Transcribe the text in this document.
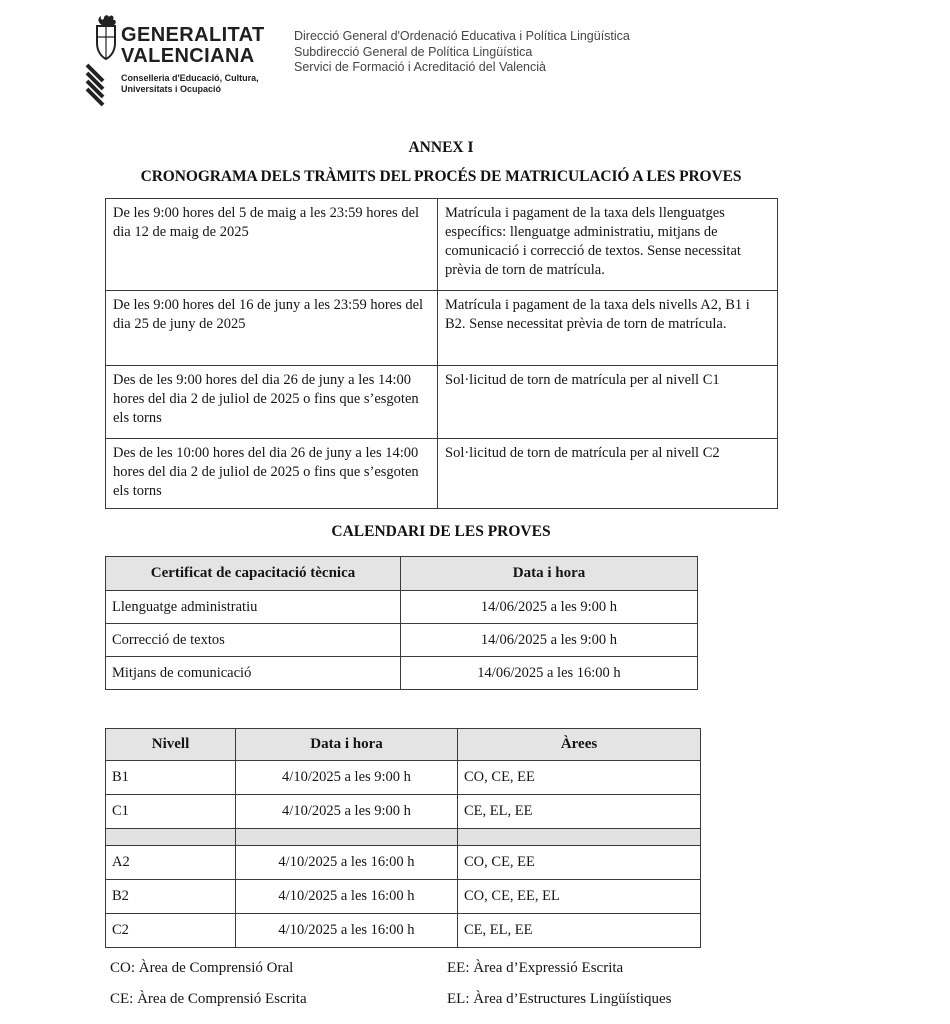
GENERALITAT
VALENCIANA
Conselleria d'Educació, Cultura,
Universitats i Ocupació
Direcció General d'Ordenació Educativa i Política Lingüística
Subdirecció General de Política Lingüística
Servici de Formació i Acreditació del Valencià
ANNEX I
CRONOGRAMA DELS TRÀMITS DEL PROCÉS DE MATRICULACIÓ A LES PROVES
De les 9:00 hores del 5 de maig a les 23:59 hores del dia 12 de maig de 2025	Matrícula i pagament de la taxa dels llenguatges específics: llenguatge administratiu, mitjans de comunicació i correcció de textos. Sense necessitat prèvia de torn de matrícula.
De les 9:00 hores del 16 de juny a les 23:59 hores del dia 25 de juny de 2025	Matrícula i pagament de la taxa dels nivells A2, B1 i B2. Sense necessitat prèvia de torn de matrícula.
Des de les 9:00 hores del dia 26 de juny a les 14:00 hores del dia 2 de juliol de 2025 o fins que s’esgoten els torns	Sol·licitud de torn de matrícula per al nivell C1
Des de les 10:00 hores del dia 26 de juny a les 14:00 hores del dia 2 de juliol de 2025 o fins que s’esgoten els torns	Sol·licitud de torn de matrícula per al nivell C2
CALENDARI DE LES PROVES
Certificat de capacitació tècnica	Data i hora
Llenguatge administratiu	14/06/2025 a les 9:00 h
Correcció de textos	14/06/2025 a les 9:00 h
Mitjans de comunicació	14/06/2025 a les 16:00 h
Nivell	Data i hora	Àrees
B1	4/10/2025 a les 9:00 h	CO, CE, EE
C1	4/10/2025 a les 9:00 h	CE, EL, EE

A2	4/10/2025 a les 16:00 h	CO, CE, EE
B2	4/10/2025 a les 16:00 h	CO, CE, EE, EL
C2	4/10/2025 a les 16:00 h	CE, EL, EE
CO: Àrea de Comprensió Oral	EE: Àrea d’Expressió Escrita
CE: Àrea de Comprensió Escrita	EL: Àrea d’Estructures Lingüístiques
